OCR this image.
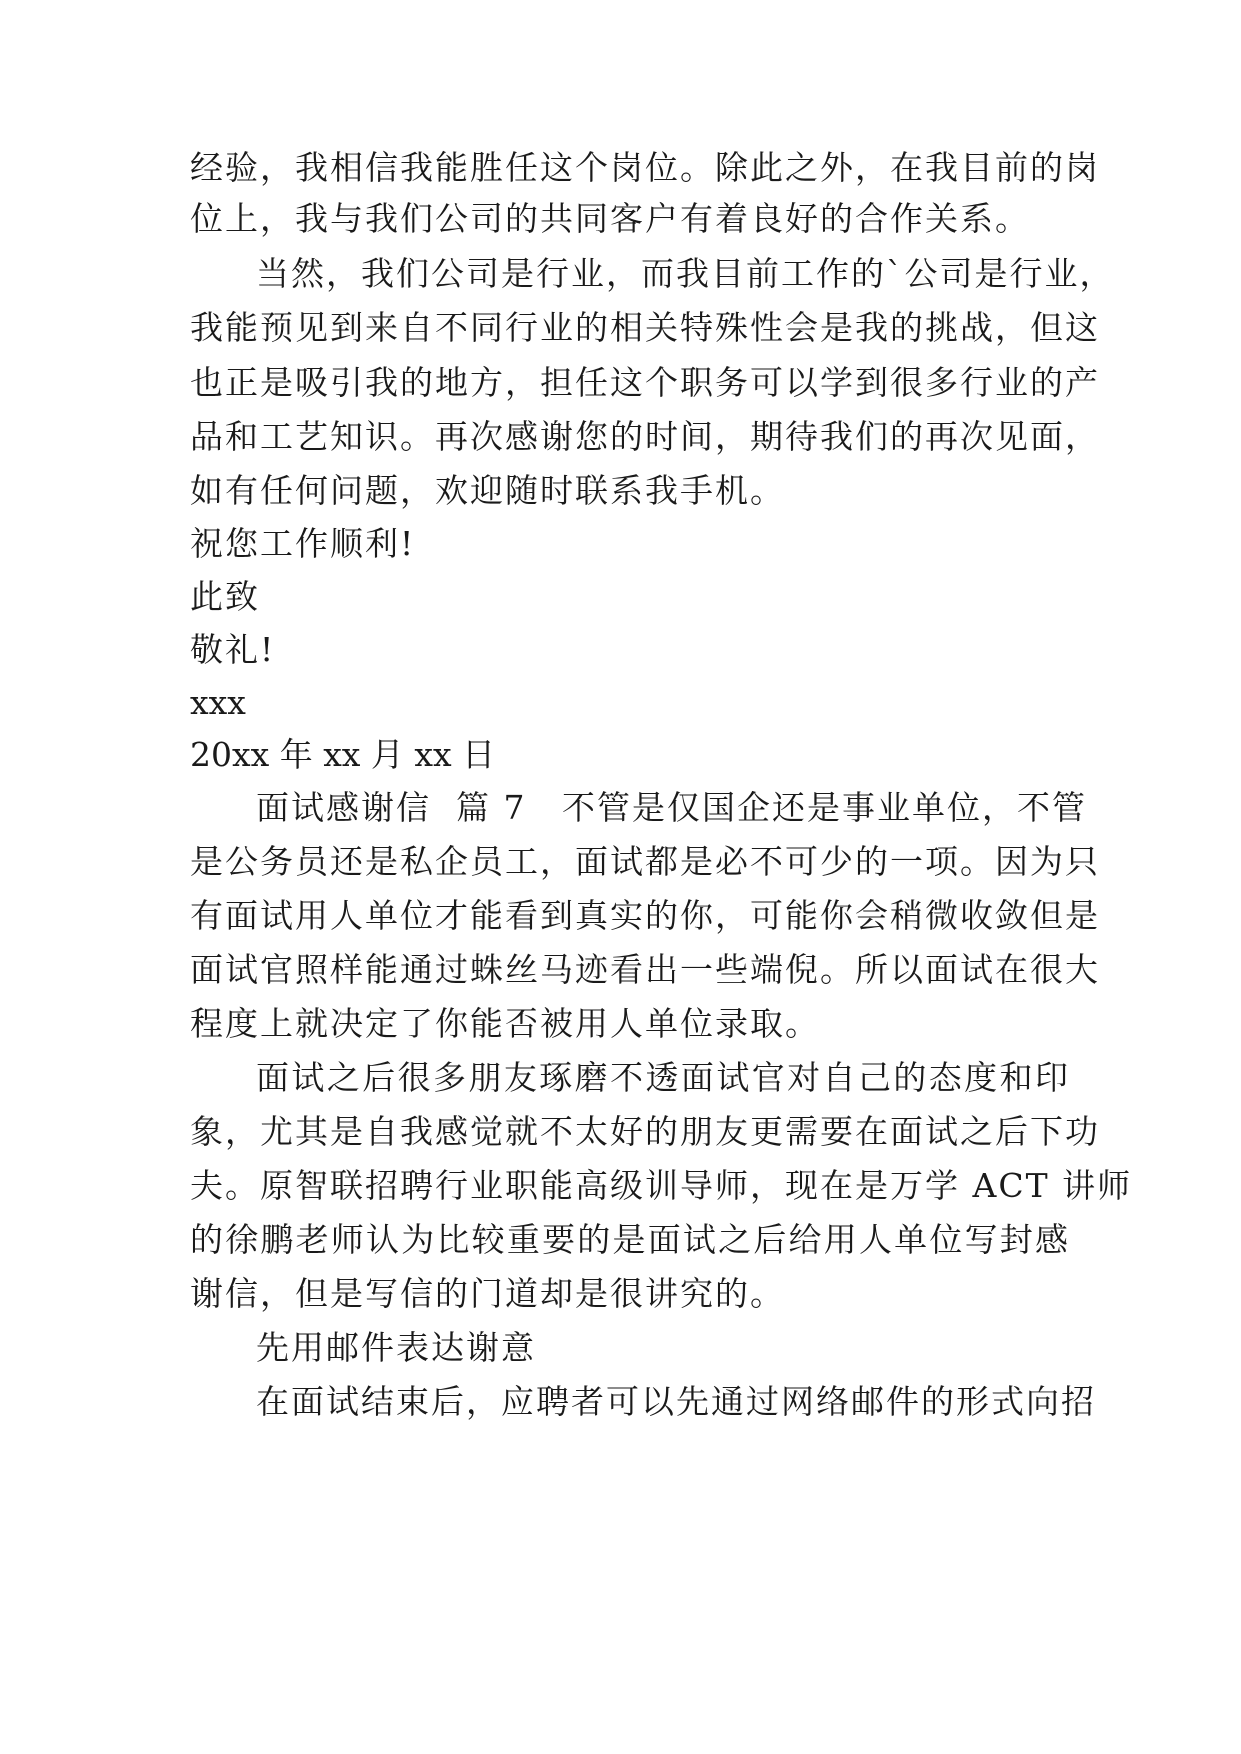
经验，我相信我能胜任这个岗位。除此之外，在我目前的岗
位上，我与我们公司的共同客户有着良好的合作关系。
当然，我们公司是行业，而我目前工作的`公司是行业，
我能预见到来自不同行业的相关特殊性会是我的挑战，但这
也正是吸引我的地方，担任这个职务可以学到很多行业的产
品和工艺知识。再次感谢您的时间，期待我们的再次见面，
如有任何问题，欢迎随时联系我手机。
祝您工作顺利!
此致
敬礼!
xxx
20xx 年 xx 月 xx 日
面试感谢信  篇 7 不管是仅国企还是事业单位，不管
是公务员还是私企员工，面试都是必不可少的一项。因为只
有面试用人单位才能看到真实的你，可能你会稍微收敛但是
面试官照样能通过蛛丝马迹看出一些端倪。所以面试在很大
程度上就决定了你能否被用人单位录取。
面试之后很多朋友琢磨不透面试官对自己的态度和印
象，尤其是自我感觉就不太好的朋友更需要在面试之后下功
夫。原智联招聘行业职能高级训导师，现在是万学 ACT 讲师
的徐鹏老师认为比较重要的是面试之后给用人单位写封感
谢信，但是写信的门道却是很讲究的。
先用邮件表达谢意
在面试结束后，应聘者可以先通过网络邮件的形式向招
